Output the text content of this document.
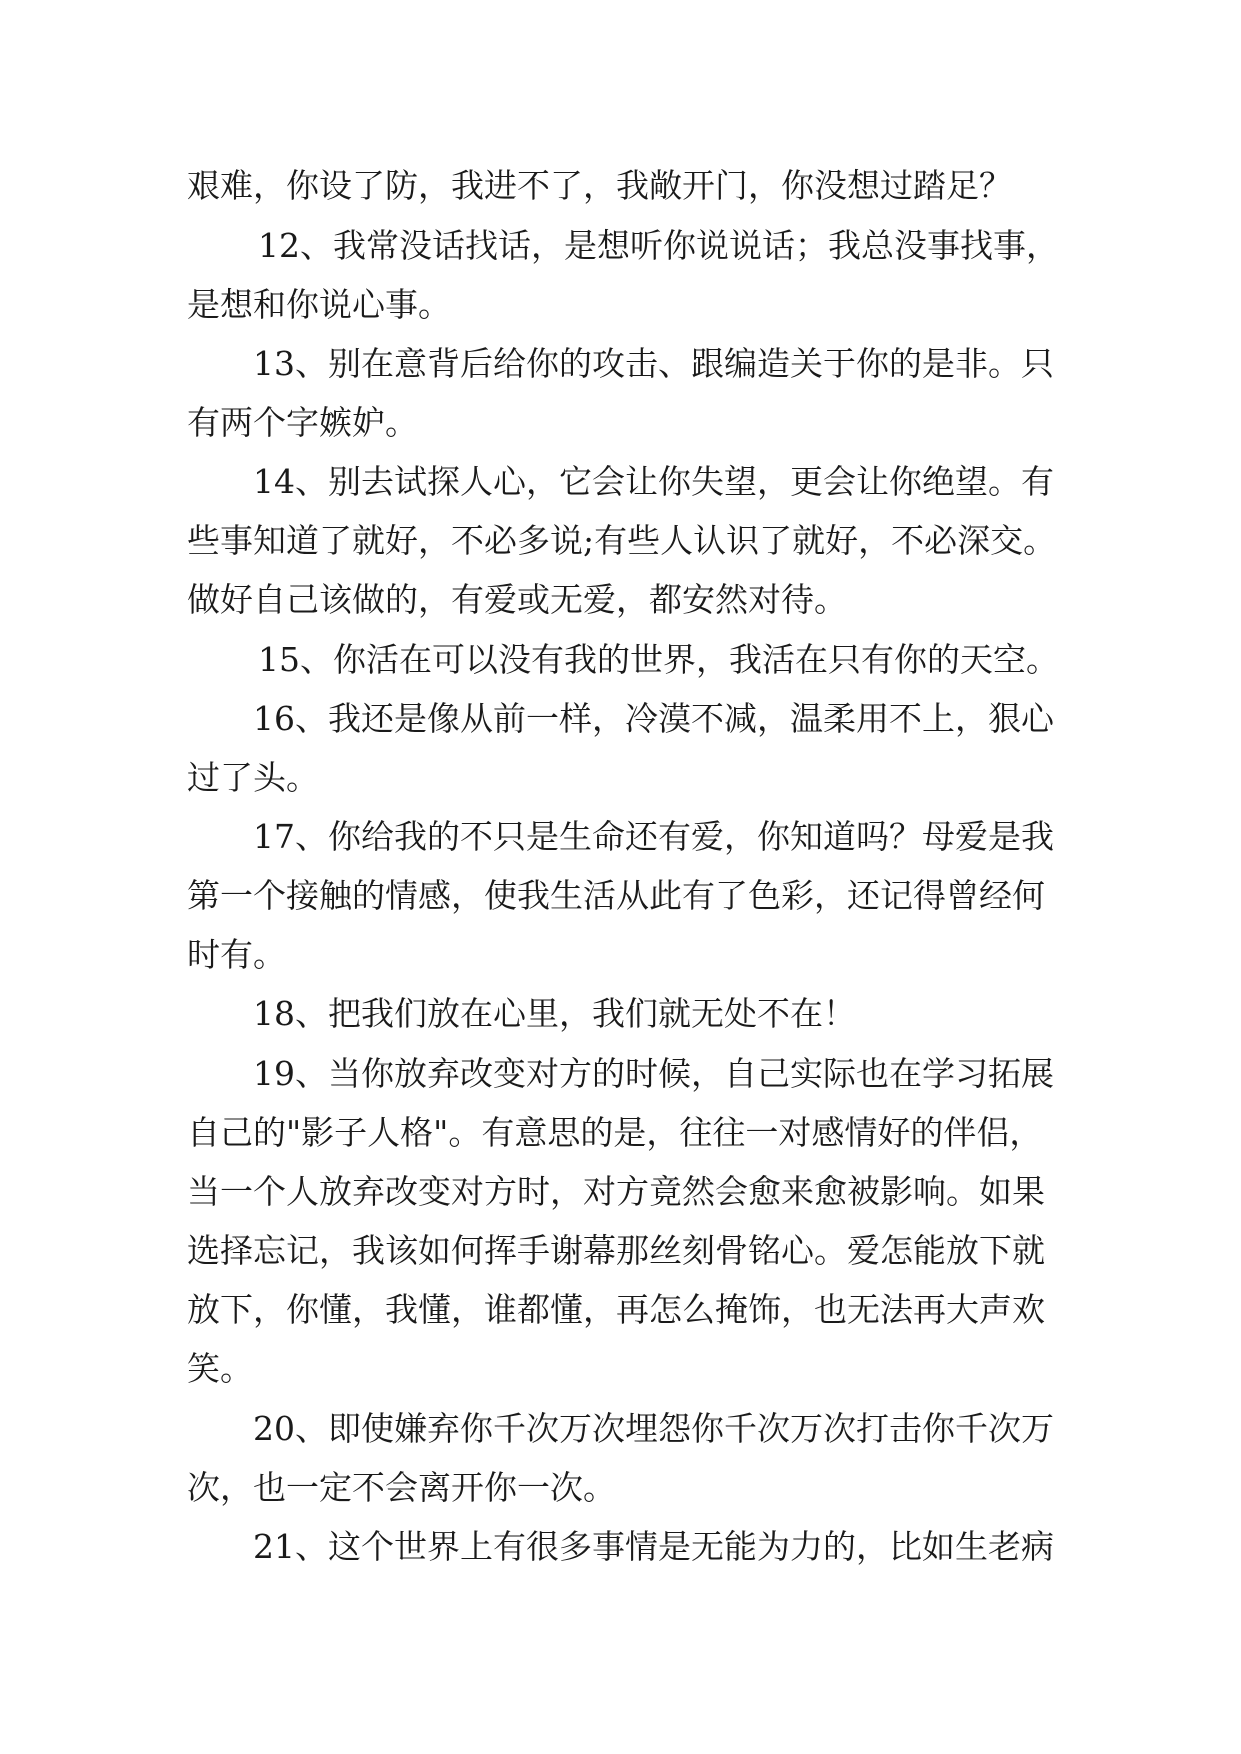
艰难，你设了防，我进不了，我敞开门，你没想过踏足？
12、我常没话找话，是想听你说说话；我总没事找事，
是想和你说心事。
13、别在意背后给你的攻击、跟编造关于你的是非。只
有两个字嫉妒。
14、别去试探人心，它会让你失望，更会让你绝望。有
些事知道了就好，不必多说;有些人认识了就好，不必深交。
做好自己该做的，有爱或无爱，都安然对待。
15、你活在可以没有我的世界，我活在只有你的天空。
16、我还是像从前一样，冷漠不减，温柔用不上，狠心
过了头。
17、你给我的不只是生命还有爱，你知道吗？母爱是我
第一个接触的情感，使我生活从此有了色彩，还记得曾经何
时有。
18、把我们放在心里，我们就无处不在！
19、当你放弃改变对方的时候，自己实际也在学习拓展
自己的"影子人格"。有意思的是，往往一对感情好的伴侣，
当一个人放弃改变对方时，对方竟然会愈来愈被影响。如果
选择忘记，我该如何挥手谢幕那丝刻骨铭心。爱怎能放下就
放下，你懂，我懂，谁都懂，再怎么掩饰，也无法再大声欢
笑。
20、即使嫌弃你千次万次埋怨你千次万次打击你千次万
次，也一定不会离开你一次。
21、这个世界上有很多事情是无能为力的，比如生老病
